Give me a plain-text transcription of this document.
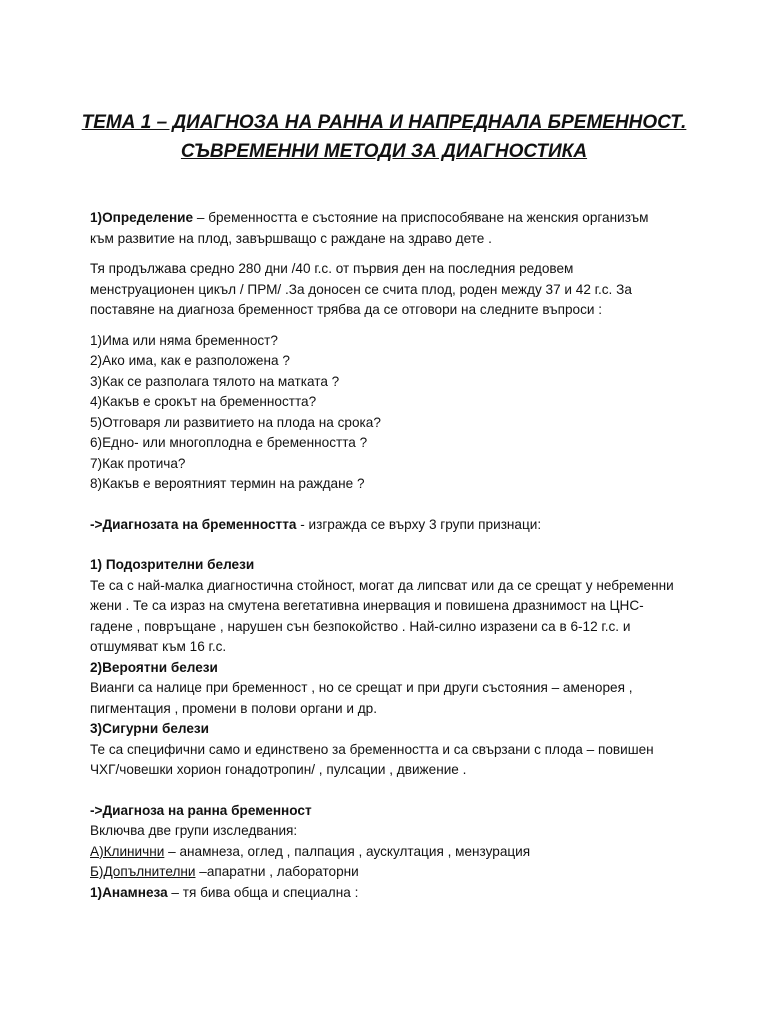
ТЕМА 1 – ДИАГНОЗА НА РАННА И НАПРЕДНАЛА БРЕМЕННОСТ.
СЪВРЕМЕННИ МЕТОДИ ЗА ДИАГНОСТИКА

1)Определение – бременността е състояние на приспособяване на женския организъм
към развитие на плод, завършващо с раждане на здраво дете .

Тя продължава средно 280 дни /40 г.с. от първия ден на последния редовем
менструационен цикъл / ПРМ/ .За доносен се счита плод, роден между 37 и 42 г.с. За
поставяне на диагноза бременност трябва да се отговори на следните въпроси :

1)Има или няма бременност?
2)Ако има, как е разположена ?
3)Как се разполага тялото на матката ?
4)Какъв е срокът на бременността?
5)Отговаря ли развитието на плода на срока?
6)Едно- или многоплодна е бременността ?
7)Как протича?
8)Какъв е вероятният термин на раждане ?

->Диагнозата на бременността - изгражда се върху 3 групи признаци:

1) Подозрителни белези
Те са с най-малка диагностична стойност, могат да липсват или да се срещат у небременни
жени . Те са израз на смутена вегетативна инервация и повишена дразнимост на ЦНС-
гадене , повръщане , нарушен сън безпокойство . Най-силно изразени са в 6-12 г.с. и
отшумяват към 16 г.с.

2)Вероятни белези
Вианги са налице при бременност , но се срещат и при други състояния – аменорея ,
пигментация , промени в полови органи и др.

3)Сигурни белези
Те са специфични само и единствено за бременността и са свързани с плода – повишен
ЧХГ/човешки хорион гонадотропин/ , пулсации , движение .

->Диагноза на ранна бременност
Включва две групи изследвания:
А)Клинични – анамнеза, оглед , палпация , аускултация , мензурация
Б)Допълнителни –апаратни , лабораторни
1)Анамнеза – тя бива обща и специална :
